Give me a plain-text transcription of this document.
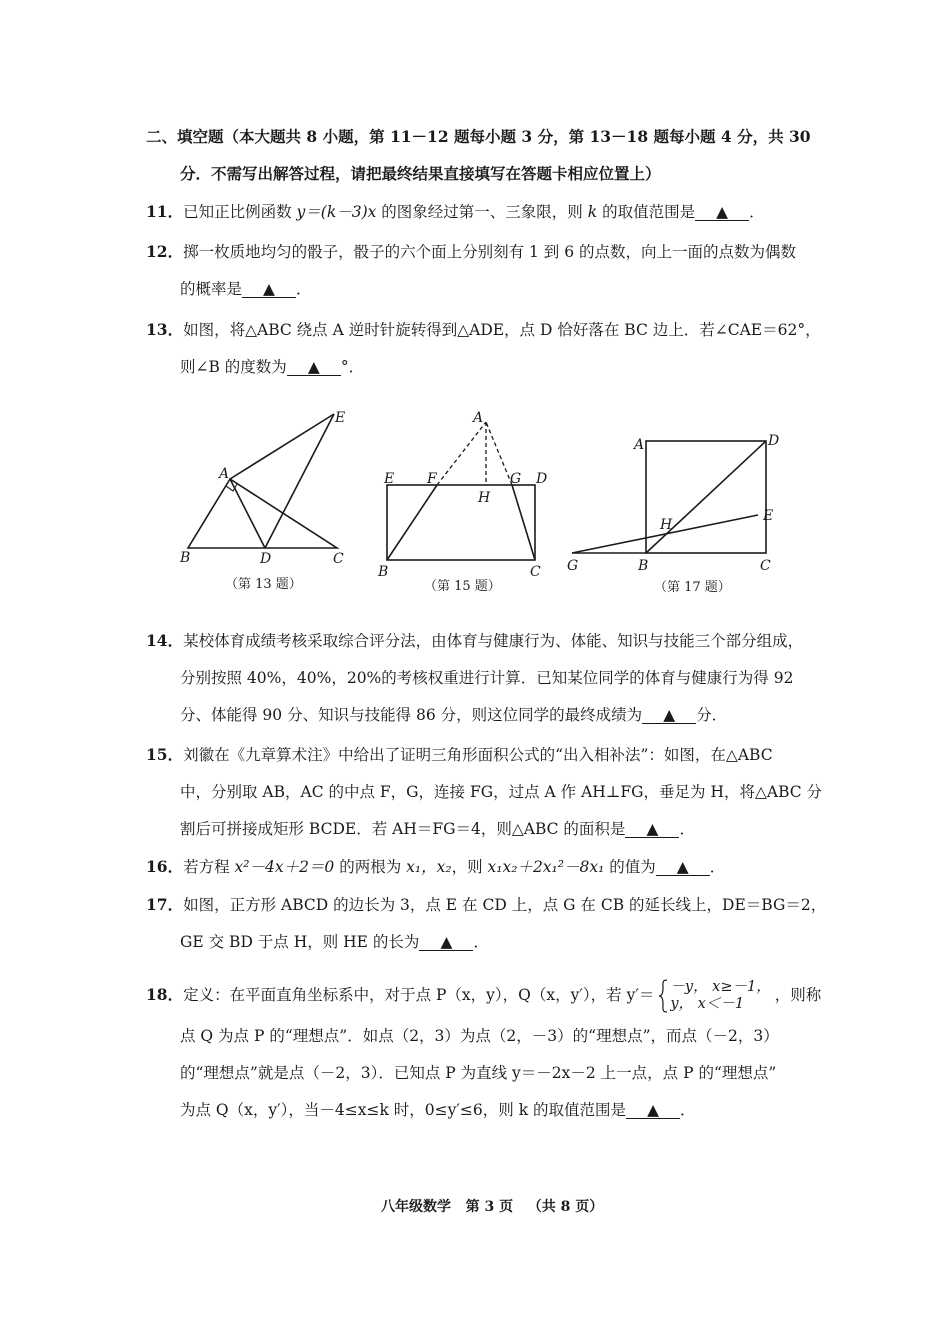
二、填空题（本大题共 8 小题，第 11－12 题每小题 3 分，第 13－18 题每小题 4 分，共 30
分．不需写出解答过程，请把最终结果直接填写在答题卡相应位置上）
11．已知正比例函数 y＝(k－3)x 的图象经过第一、三象限，则 k 的取值范围是 ▲ ．
12．掷一枚质地均匀的骰子，骰子的六个面上分别刻有 1 到 6 的点数，向上一面的点数为偶数
的概率是 ▲ ．
13．如图，将△ABC 绕点 A 逆时针旋转得到△ADE，点 D 恰好落在 BC 边上．若∠CAE＝62°，
则∠B 的度数为 ▲ °．
A
B	C
D
E
（第 13 题）
A
B	C
D
E F	G
H
（第 15 题）
A
B	C
D
E
G
H
（第 17 题）
14．某校体育成绩考核采取综合评分法，由体育与健康行为、体能、知识与技能三个部分组成，
分别按照 40%，40%，20%的考核权重进行计算．已知某位同学的体育与健康行为得 92
分、体能得 90 分、知识与技能得 86 分，则这位同学的最终成绩为 ▲ 分．
15．刘徽在《九章算术注》中给出了证明三角形面积公式的“出入相补法”：如图，在△ABC
中，分别取 AB，AC 的中点 F，G，连接 FG，过点 A 作 AH⊥FG，垂足为 H，将△ABC 分
割后可拼接成矩形 BCDE．若 AH＝FG＝4，则△ABC 的面积是 ▲ ．
16．若方程 x²－4x＋2＝0 的两根为 x₁，x₂，则 x₁x₂＋2x₁²－8x₁ 的值为 ▲ ．
17．如图，正方形 ABCD 的边长为 3，点 E 在 CD 上，点 G 在 CB 的延长线上，DE＝BG＝2，
GE 交 BD 于点 H，则 HE 的长为 ▲ ．
18．定义：在平面直角坐标系中，对于点 P（x，y），Q（x，y′），若 y′＝ －y， x≥－1，
y， x＜－1	，则称
点 Q 为点 P 的“理想点”．如点（2，3）为点（2，－3）的“理想点”，而点（－2，3）
的“理想点”就是点（－2，3）．已知点 P 为直线 y＝－2x－2 上一点，点 P 的“理想点”
为点 Q（x，y′），当－4≤x≤k 时，0≤y′≤6，则 k 的取值范围是 ▲ ．
八年级数学 第 3 页 （共 8 页）
